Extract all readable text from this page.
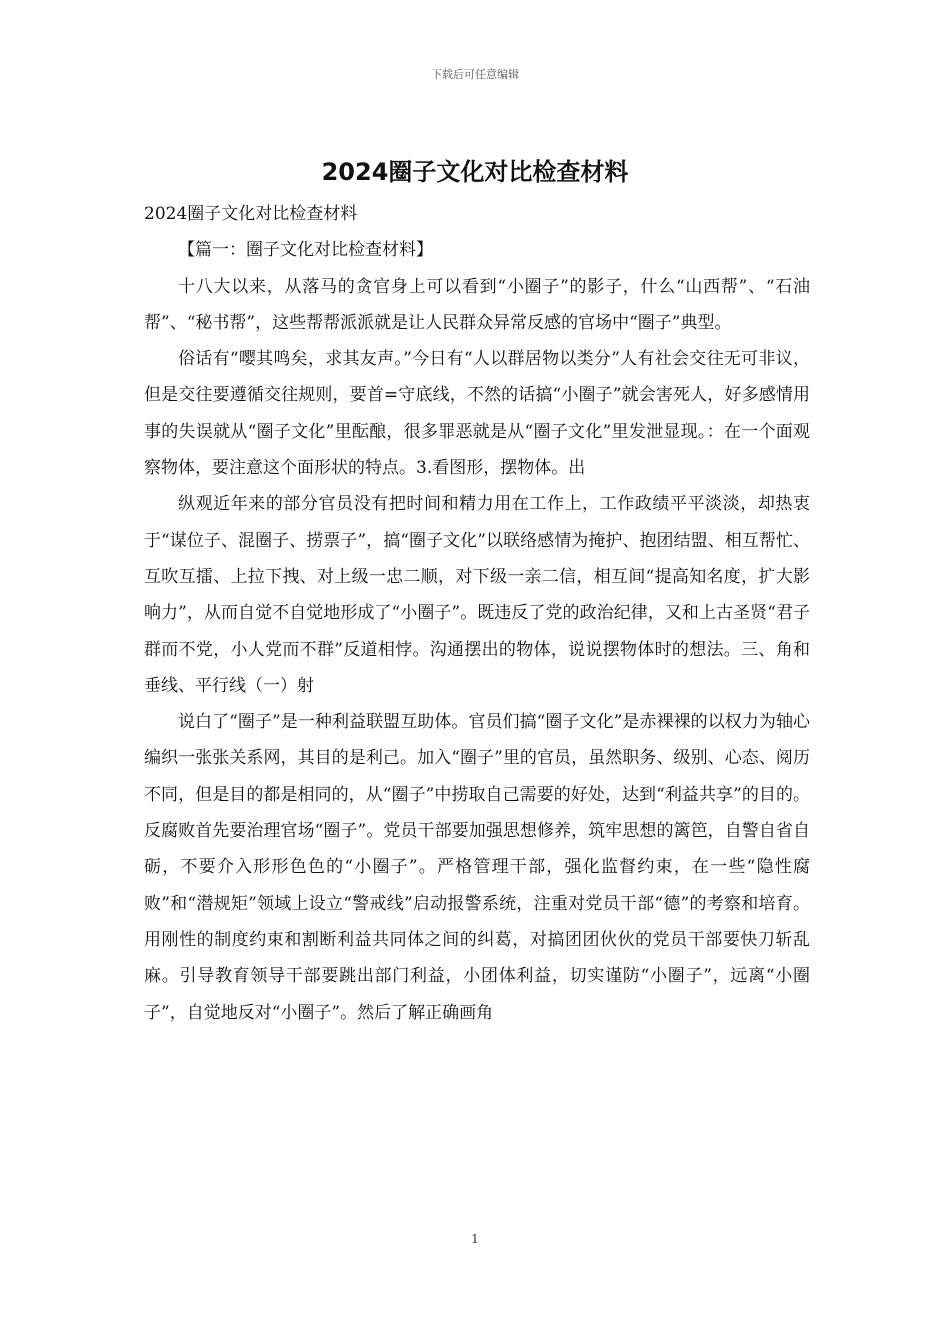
下载后可任意编辑
2024圈子文化对比检查材料

2024圈子文化对比检查材料

【篇一：圈子文化对比检查材料】

十八大以来，从落马的贪官身上可以看到“小圈子”的影子，什么“山西帮”、“石油帮”、“秘书帮”，这些帮帮派派就是让人民群众异常反感的官场中“圈子”典型。

俗话有“嘤其鸣矣，求其友声。”今日有“人以群居物以类分”人有社会交往无可非议，但是交往要遵循交往规则，要首=守底线，不然的话搞“小圈子”就会害死人，好多感情用事的失误就从“圈子文化”里酝酿，很多罪恶就是从“圈子文化”里发泄显现。：在一个面观察物体，要注意这个面形状的特点。3.看图形，摆物体。出

纵观近年来的部分官员没有把时间和精力用在工作上，工作政绩平平淡淡，却热衷于“谋位子、混圈子、捞票子”，搞“圈子文化”以联络感情为掩护、抱团结盟、相互帮忙、互吹互擂、上拉下拽、对上级一忠二顺，对下级一亲二信，相互间“提高知名度，扩大影响力”，从而自觉不自觉地形成了“小圈子”。既违反了党的政治纪律，又和上古圣贤“君子群而不党，小人党而不群”反道相悖。沟通摆出的物体，说说摆物体时的想法。三、角和垂线、平行线（一）射

说白了“圈子”是一种利益联盟互助体。官员们搞“圈子文化”是赤裸裸的以权力为轴心编织一张张关系网，其目的是利己。加入“圈子”里的官员，虽然职务、级别、心态、阅历不同，但是目的都是相同的，从“圈子”中捞取自己需要的好处，达到“利益共享”的目的。反腐败首先要治理官场“圈子”。党员干部要加强思想修养，筑牢思想的篱笆，自警自省自砺，不要介入形形色色的“小圈子”。严格管理干部，强化监督约束，在一些“隐性腐败”和“潜规矩”领域上设立“警戒线”启动报警系统，注重对党员干部“德”的考察和培育。用刚性的制度约束和割断利益共同体之间的纠葛，对搞团团伙伙的党员干部要快刀斩乱麻。引导教育领导干部要跳出部门利益，小团体利益，切实谨防“小圈子”，远离“小圈子”，自觉地反对“小圈子”。然后了解正确画角

1
